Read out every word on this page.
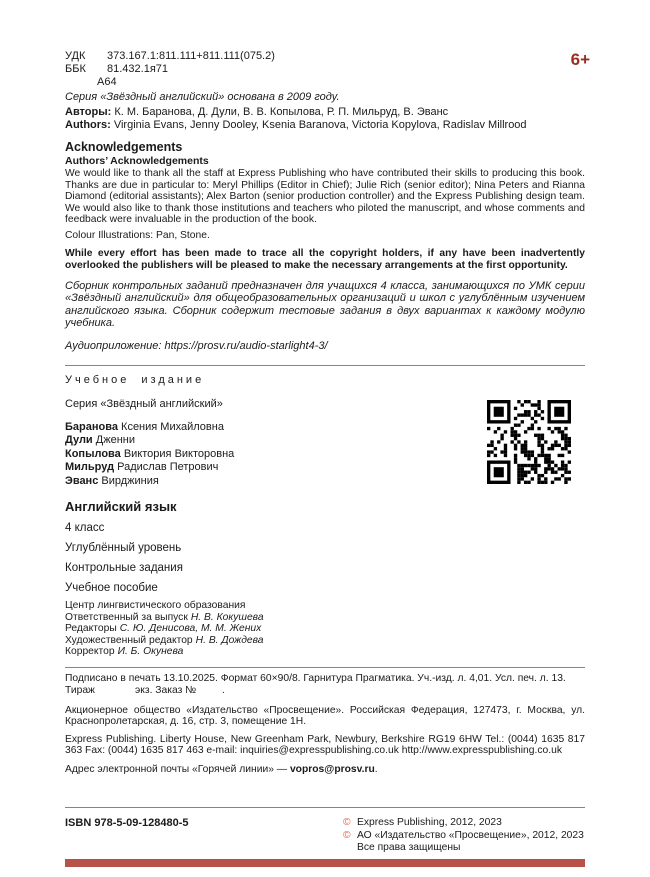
6+
УДК	373.167.1:811.111+811.111(075.2)
ББК	81.432.1я71
А64
Серия «Звёздный английский» основана в 2009 году.
Авторы: К. М. Баранова, Д. Дули, В. В. Копылова, Р. П. Мильруд, В. Эванс
Authors: Virginia Evans, Jenny Dooley, Ksenia Baranova, Victoria Kopylova, Radislav Millrood
Acknowledgements
Authors’ Acknowledgements
We would like to thank all the staff at Express Publishing who have contributed their skills to producing this book. Thanks are due in particular to: Meryl Phillips (Editor in Chief); Julie Rich (senior editor); Nina Peters and Rianna Diamond (editorial assistants); Alex Barton (senior production controller) and the Express Publishing design team. We would also like to thank those institutions and teachers who piloted the manuscript, and whose comments and feedback were invaluable in the production of the book.
Colour Illustrations: Pan, Stone.
While every effort has been made to trace all the copyright holders, if any have been inadvertently overlooked the publishers will be pleased to make the necessary arrangements at the first opportunity.
Сборник контрольных заданий предназначен для учащихся 4 класса, занимающихся по УМК серии «Звёздный английский» для общеобразовательных организаций и школ с углублённым изучением английского языка. Сборник содержит тестовые задания в двух вариантах к каждому модулю учебника.
Аудиоприложение: https://prosv.ru/audio-starlight4-3/
Учебное издание
Серия «Звёздный английский»
Баранова Ксения Михайловна
Дули Дженни
Копылова Виктория Викторовна
Мильруд Радислав Петрович
Эванс Вирджиния
Английский язык
4 класс
Углублённый уровень
Контрольные задания
Учебное пособие
Центр лингвистического образования
Ответственный за выпуск Н. В. Кокушева
Редакторы С. Ю. Денисова, М. М. Жених
Художественный редактор Н. В. Дождева
Корректор И. Б. Окунева
Подписано в печать 13.10.2025. Формат 60×90/8. Гарнитура Прагматика. Уч.-изд. л. 4,01. Усл. печ. л. 13.
Тираж              экз. Заказ №         .
Акционерное общество «Издательство «Просвещение». Российская Федерация, 127473, г. Москва, ул. Краснопролетарская, д. 16, стр. 3, помещение 1Н.
Express Publishing. Liberty House, New Greenham Park, Newbury, Berkshire RG19 6HW Tel.: (0044) 1635 817 363 Fax: (0044) 1635 817 463 e-mail: inquiries@expresspublishing.co.uk http://www.expresspublishing.co.uk
Адрес электронной почты «Горячей линии» — vopros@prosv.ru.
ISBN 978-5-09-128480-5	© Express Publishing, 2012, 2023
© АО «Издательство «Просвещение», 2012, 2023
Все права защищены
